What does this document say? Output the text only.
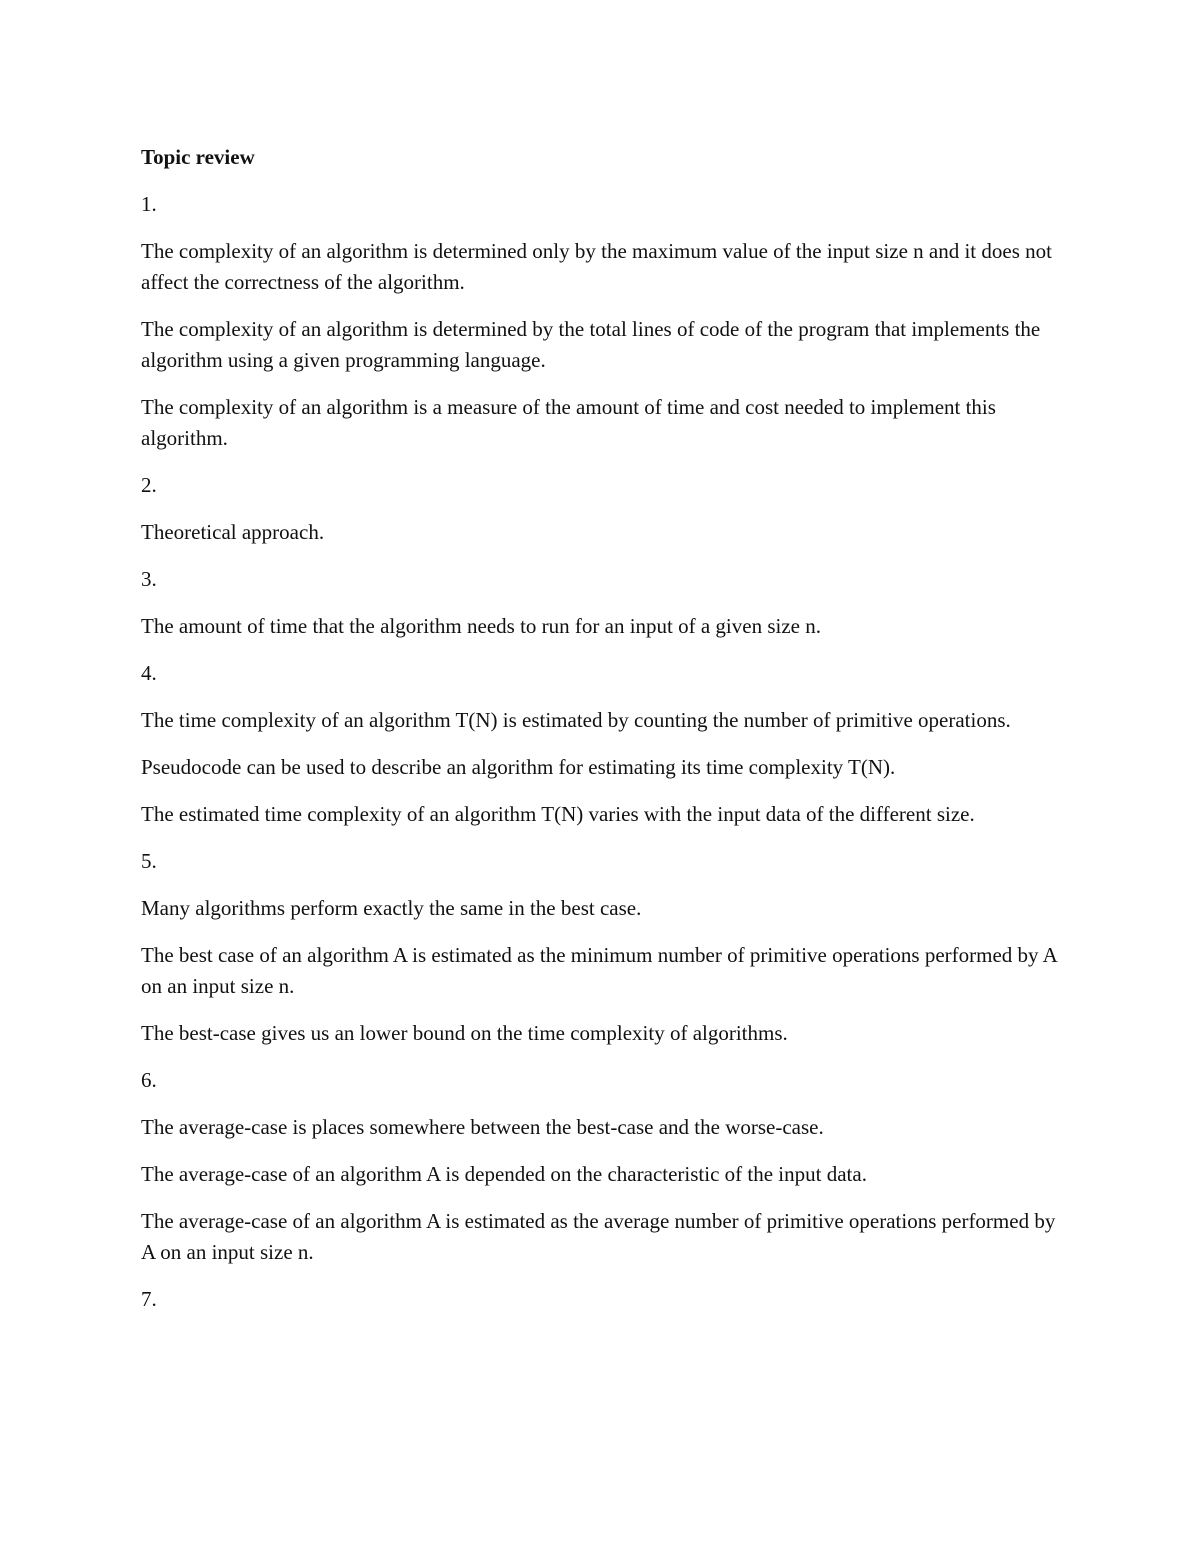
Topic review
1.
The complexity of an algorithm is determined only by the maximum value of the input size n and it does not affect the correctness of the algorithm.
The complexity of an algorithm is determined by the total lines of code of the program that implements the algorithm using a given programming language.
The complexity of an algorithm is a measure of the amount of time and cost needed to implement this algorithm.
2.
Theoretical approach.
3.
The amount of time that the algorithm needs to run for an input of a given size n.
4.
The time complexity of an algorithm T(N) is estimated by counting the number of primitive operations.
Pseudocode can be used to describe an algorithm for estimating its time complexity T(N).
The estimated time complexity of an algorithm T(N) varies with the input data of the different size.
5.
Many algorithms perform exactly the same in the best case.
The best case of an algorithm A is estimated as the minimum number of primitive operations performed by A on an input size n.
The best-case gives us an lower bound on the time complexity of algorithms.
6.
The average-case is places somewhere between the best-case and the worse-case.
The average-case of an algorithm A is depended on the characteristic of the input data.
The average-case of an algorithm A is estimated as the average number of primitive operations performed by A on an input size n.
7.
